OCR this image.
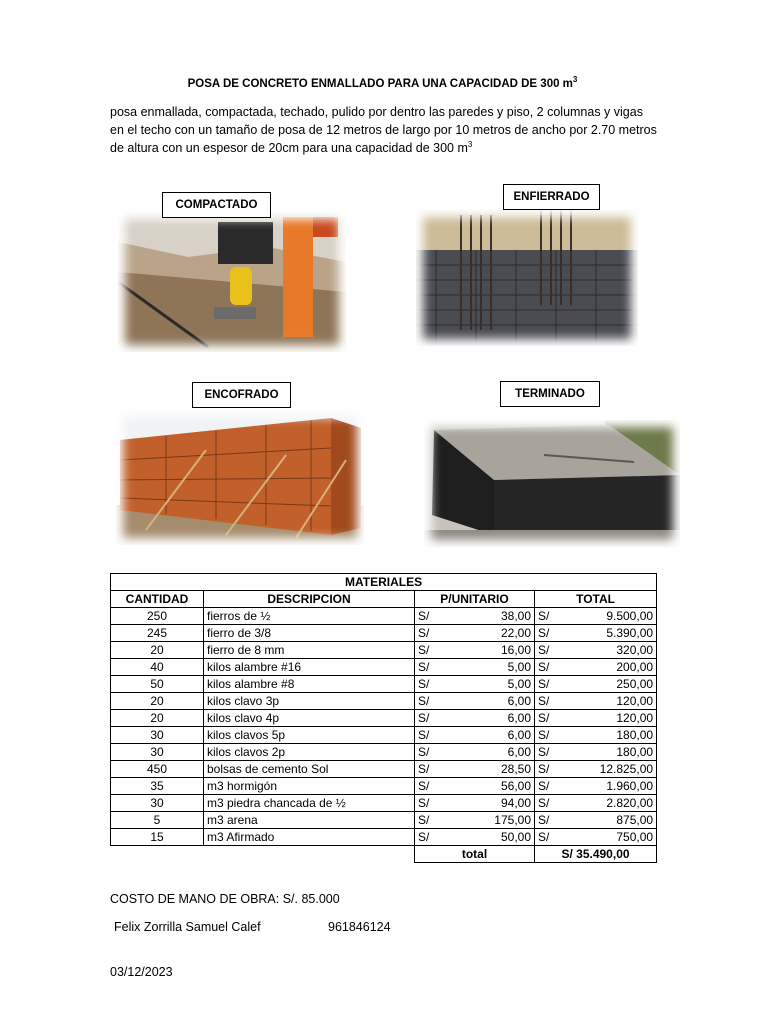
POSA DE CONCRETO ENMALLADO PARA UNA CAPACIDAD DE 300 $m^3$
posa enmallada, compactada, techado, pulido por dentro las paredes y piso, 2 columnas y vigas en el techo con un tamaño de posa de 12 metros de largo por 10 metros de ancho por 2.70 metros de altura con un espesor de 20cm para una capacidad de 300 $m^3$
COMPACTADO
ENFIERRADO
ENCOFRADO	TERMINADO
MATERIALES			
CANTIDAD	DESCRIPCION	P/UNITARIO	TOTAL
250	fierros de ½	S/ 38,00	S/ 9.500,00

245	fierro de 3/8	S/ 22,00	S/ 5.390,00

20	fierro de 8 mm	S/ 16,00	S/ 320,00

40	kilos alambre #16	S/ 5,00	S/ 200,00

50	kilos alambre #8	S/ 5,00	S/ 250,00

20	kilos clavo 3p	S/ 6,00	S/ 120,00

20	kilos clavo 4p	S/ 6,00	S/ 120,00

30	kilos clavos 5p	S/ 6,00	S/ 180,00

30	kilos clavos 2p	S/ 6,00	S/ 180,00

450	bolsas de cemento Sol	S/ 28,50	S/ 12.825,00

35	m3 hormigón	S/ 56,00	S/ 1.960,00

30	m3 piedra chancada de ½	S/ 94,00	S/ 2.820,00

5	m3 arena	S/ 175,00	S/ 875,00

15	m3 Afirmado	S/ 50,00	S/ 750,00

		total	S/ 35.490,00
COSTO DE MANO DE OBRA: S/. 85.000
Felix Zorrilla Samuel Calef	961846124
03/12/2023
